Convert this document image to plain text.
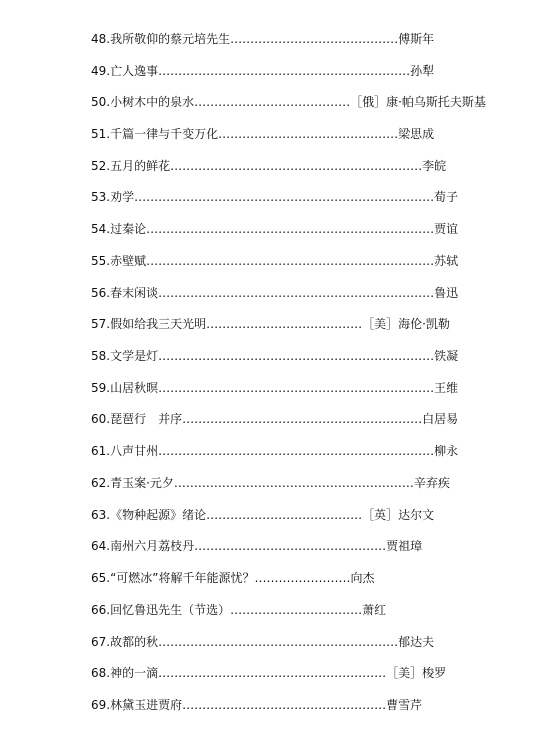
48.我所敬仰的蔡元培先生……………………………………傅斯年
49.亡人逸事………………………………………………………孙犁
50.小树木中的泉水…………………………………［俄］康·帕乌斯托夫斯基
51.千篇一律与千变万化………………………………………梁思成
52.五月的鲜花………………………………………………………李皖
53.劝学…………………………………………………………………荀子
54.过秦论………………………………………………………………贾谊
55.赤壁赋………………………………………………………………苏轼
56.春末闲谈……………………………………………………………鲁迅
57.假如给我三天光明…………………………………［美］海伦·凯勒
58.文学是灯……………………………………………………………铁凝
59.山居秋暝……………………………………………………………王维
60.琵琶行　并序……………………………………………………白居易
61.八声甘州……………………………………………………………柳永
62.青玉案·元夕……………………………………………………辛弃疾
63.《物种起源》绪论…………………………………［英］达尔文
64.南州六月荔枝丹…………………………………………贾祖璋
65.“可燃冰”将解千年能源忧？……………………向杰
66.回忆鲁迅先生（节选）……………………………萧红
67.故都的秋……………………………………………………郁达夫
68.神的一滴…………………………………………………［美］梭罗
69.林黛玉进贾府……………………………………………曹雪芹
